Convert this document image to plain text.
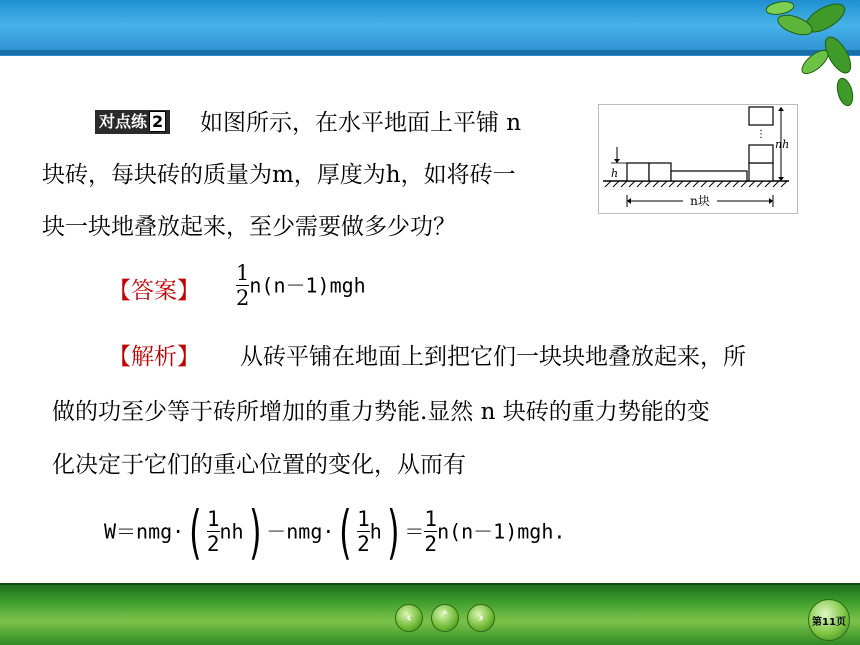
对点练 2	如图所示，在水平地面上平铺 n
块砖，每块砖的质量为m，厚度为h，如将砖一
块一块地叠放起来，至少需要做多少功？
⋮
h
nh
n块
【答案】 $\frac{1}{2} n(n-1)mgh$
【解析】 从砖平铺在地面上到把它们一块块地叠放起来，所
做的功至少等于砖所增加的重力势能.显然 n 块砖的重力势能的变
化决定于它们的重心位置的变化，从而有
$W=nmg\cdot( \frac{1}{2} nh) -nmg\cdot( \frac{1}{2} h) = \frac{1}{2} n(n-1)mgh$.
‹ ˄ ›	第11页
